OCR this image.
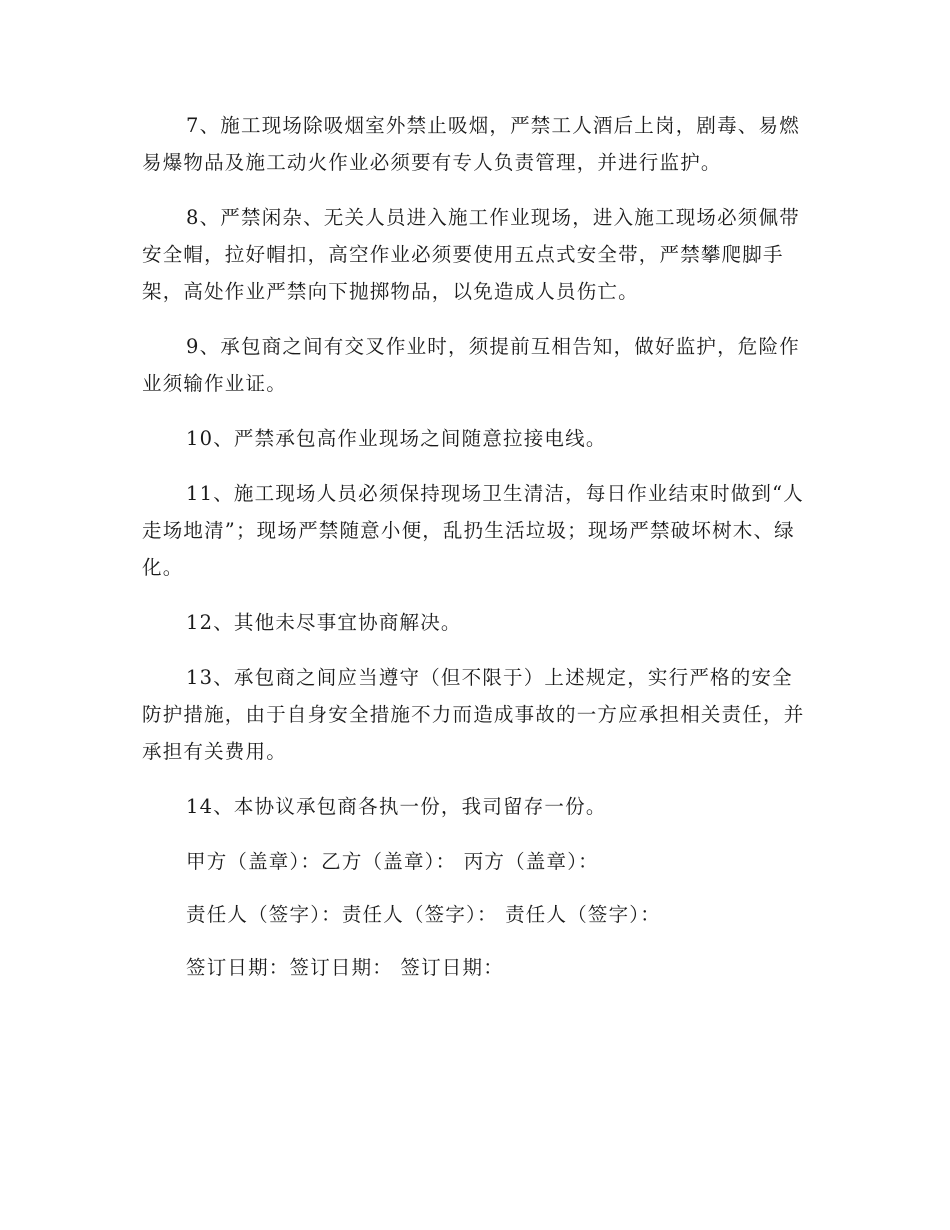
7、施工现场除吸烟室外禁止吸烟，严禁工人酒后上岗，剧毒、易燃易爆物品及施工动火作业必须要有专人负责管理，并进行监护。

8、严禁闲杂、无关人员进入施工作业现场，进入施工现场必须佩带安全帽，拉好帽扣，高空作业必须要使用五点式安全带，严禁攀爬脚手架，高处作业严禁向下抛掷物品，以免造成人员伤亡。

9、承包商之间有交叉作业时，须提前互相告知，做好监护，危险作业须输作业证。

10、严禁承包高作业现场之间随意拉接电线。

11、施工现场人员必须保持现场卫生清洁，每日作业结束时做到“人走场地清”；现场严禁随意小便，乱扔生活垃圾；现场严禁破坏树木、绿化。

12、其他未尽事宜协商解决。

13、承包商之间应当遵守（但不限于）上述规定，实行严格的安全防护措施，由于自身安全措施不力而造成事故的一方应承担相关责任，并承担有关费用。

14、本协议承包商各执一份，我司留存一份。

甲方（盖章）：乙方（盖章）： 丙方（盖章）：

责任人（签字）：责任人（签字）： 责任人（签字）：

签订日期：签订日期： 签订日期：
